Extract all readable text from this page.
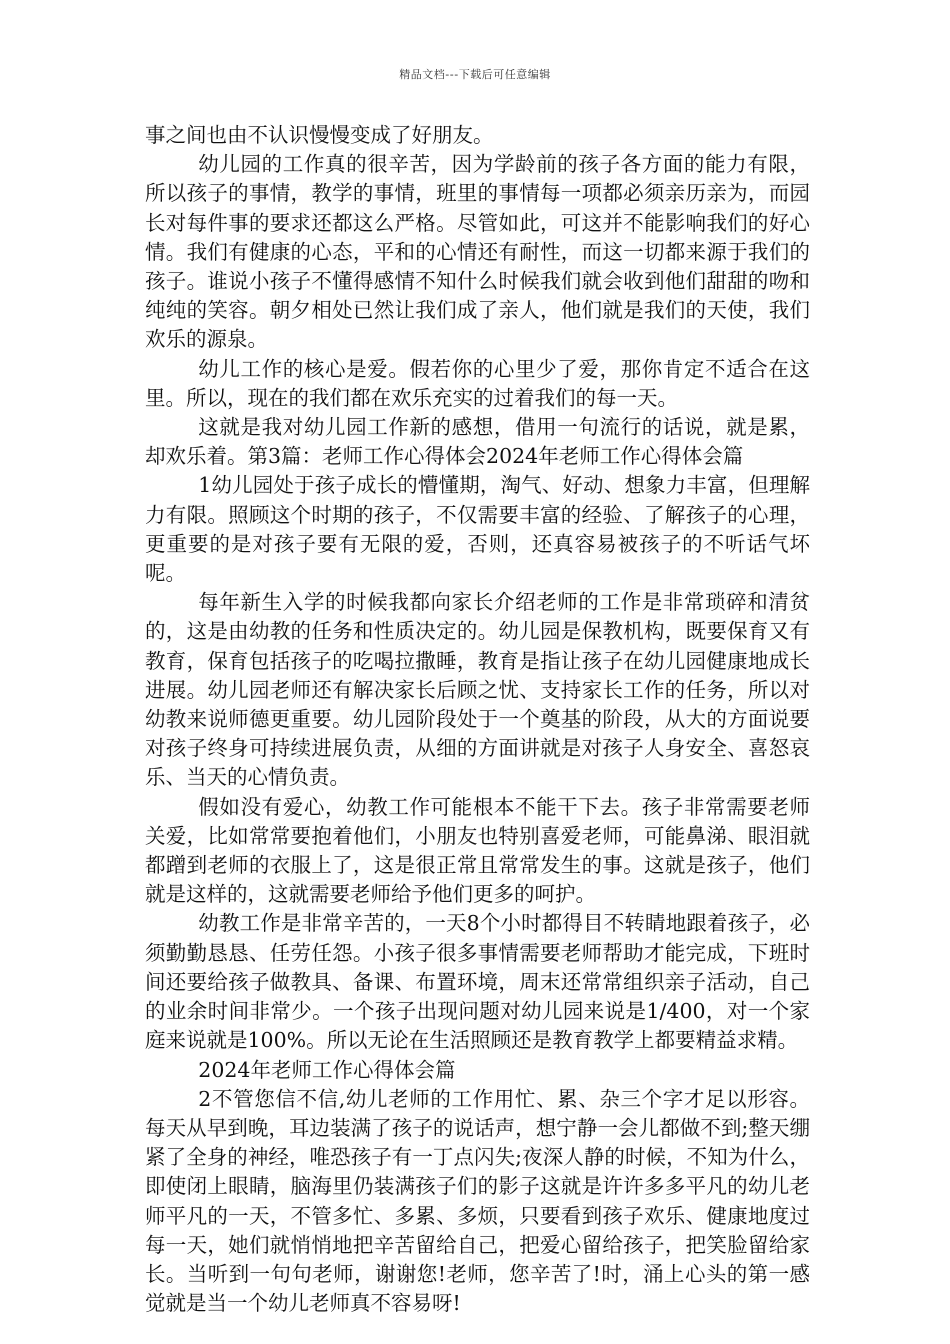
精品文档---下载后可任意编辑

事之间也由不认识慢慢变成了好朋友。

幼儿园的工作真的很辛苦，因为学龄前的孩子各方面的能力有限，所以孩子的事情，教学的事情，班里的事情每一项都必须亲历亲为，而园长对每件事的要求还都这么严格。尽管如此，可这并不能影响我们的好心情。我们有健康的心态，平和的心情还有耐性，而这一切都来源于我们的孩子。谁说小孩子不懂得感情不知什么时候我们就会收到他们甜甜的吻和纯纯的笑容。朝夕相处已然让我们成了亲人，他们就是我们的天使，我们欢乐的源泉。

幼儿工作的核心是爱。假若你的心里少了爱，那你肯定不适合在这里。所以，现在的我们都在欢乐充实的过着我们的每一天。

这就是我对幼儿园工作新的感想，借用一句流行的话说，就是累，却欢乐着。第3篇：老师工作心得体会2024年老师工作心得体会篇

1幼儿园处于孩子成长的懵懂期，淘气、好动、想象力丰富，但理解力有限。照顾这个时期的孩子，不仅需要丰富的经验、了解孩子的心理，更重要的是对孩子要有无限的爱，否则，还真容易被孩子的不听话气坏呢。

每年新生入学的时候我都向家长介绍老师的工作是非常琐碎和清贫的，这是由幼教的任务和性质决定的。幼儿园是保教机构，既要保育又有教育，保育包括孩子的吃喝拉撒睡，教育是指让孩子在幼儿园健康地成长进展。幼儿园老师还有解决家长后顾之忧、支持家长工作的任务，所以对幼教来说师德更重要。幼儿园阶段处于一个奠基的阶段，从大的方面说要对孩子终身可持续进展负责，从细的方面讲就是对孩子人身安全、喜怒哀乐、当天的心情负责。

假如没有爱心，幼教工作可能根本不能干下去。孩子非常需要老师关爱，比如常常要抱着他们，小朋友也特别喜爱老师，可能鼻涕、眼泪就都蹭到老师的衣服上了，这是很正常且常常发生的事。这就是孩子，他们就是这样的，这就需要老师给予他们更多的呵护。

幼教工作是非常辛苦的，一天8个小时都得目不转睛地跟着孩子，必须勤勤恳恳、任劳任怨。小孩子很多事情需要老师帮助才能完成，下班时间还要给孩子做教具、备课、布置环境，周末还常常组织亲子活动，自己的业余时间非常少。一个孩子出现问题对幼儿园来说是1/400，对一个家庭来说就是100%。所以无论在生活照顾还是教育教学上都要精益求精。

2024年老师工作心得体会篇

2不管您信不信,幼儿老师的工作用忙、累、杂三个字才足以形容。每天从早到晚，耳边装满了孩子的说话声，想宁静一会儿都做不到;整天绷紧了全身的神经，唯恐孩子有一丁点闪失;夜深人静的时候，不知为什么，即使闭上眼睛，脑海里仍装满孩子们的影子这就是许许多多平凡的幼儿老师平凡的一天，不管多忙、多累、多烦，只要看到孩子欢乐、健康地度过每一天，她们就悄悄地把辛苦留给自己，把爱心留给孩子，把笑脸留给家长。当听到一句句老师，谢谢您!老师，您辛苦了!时，涌上心头的第一感觉就是当一个幼儿老师真不容易呀!
